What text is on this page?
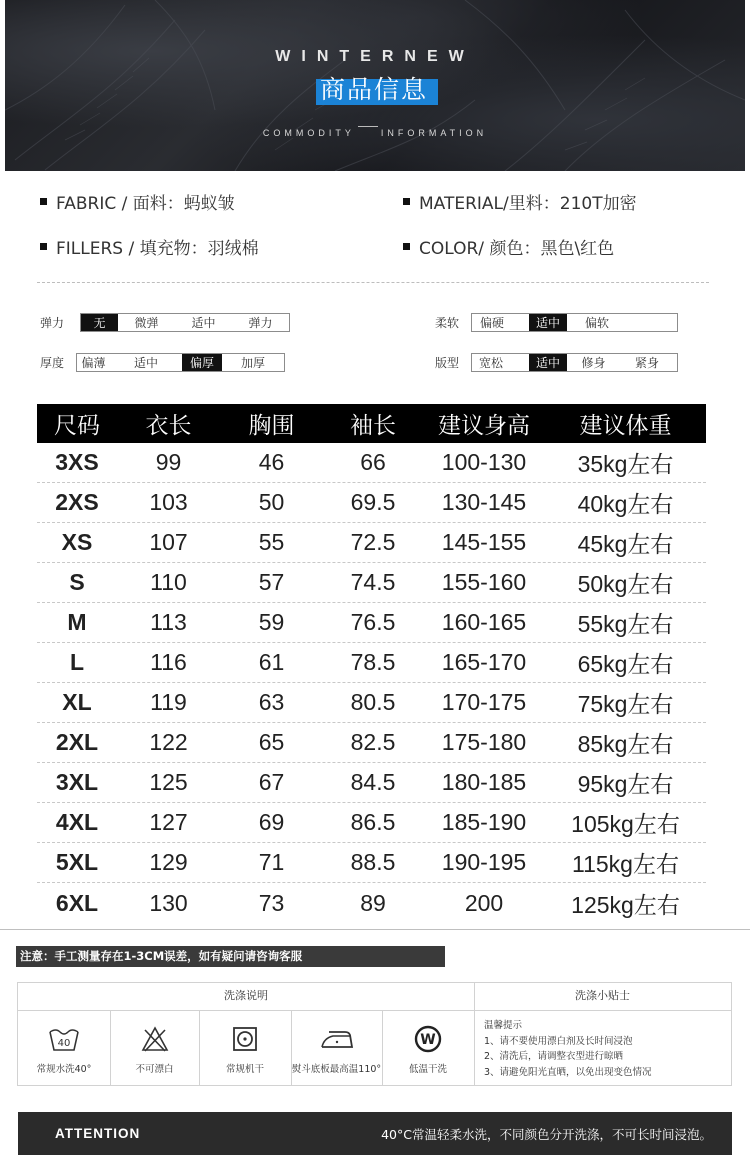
WINTERNEW
商品信息
COMMODITY	INFORMATION
FABRIC / 面料：蚂蚁皱	MATERIAL/里料：210T加密
FILLERS / 填充物：羽绒棉	COLOR/ 颜色：黑色\红色
弹力	无	微弹	适中	弹力	柔软	偏硬	适中	偏软
厚度	偏薄	适中	偏厚	加厚	版型	宽松	适中	修身	紧身
尺码	衣长	胸围	袖长	建议身高	建议体重
3XS	99	46	66	100-130	35kg左右
2XS	103	50	69.5	130-145	40kg左右
XS	107	55	72.5	145-155	45kg左右
S	110	57	74.5	155-160	50kg左右
M	113	59	76.5	160-165	55kg左右
L	116	61	78.5	165-170	65kg左右
XL	119	63	80.5	170-175	75kg左右
2XL	122	65	82.5	175-180	85kg左右
3XL	125	67	84.5	180-185	95kg左右
4XL	127	69	86.5	185-190	105kg左右
5XL	129	71	88.5	190-195	115kg左右
6XL	130	73	89	200	125kg左右
注意：手工测量存在1-3CM误差，如有疑问请咨询客服
洗涤说明	洗涤小贴士
40
常规水洗40°	不可漂白	常规机干	熨斗底板最高温110°
W
低温干洗
温馨提示
1、请不要使用漂白剂及长时间浸泡
2、清洗后，请调整衣型进行晾晒
3、请避免阳光直晒，以免出现变色情况
ATTENTION	40°C常温轻柔水洗，不同颜色分开洗涤，不可长时间浸泡。
